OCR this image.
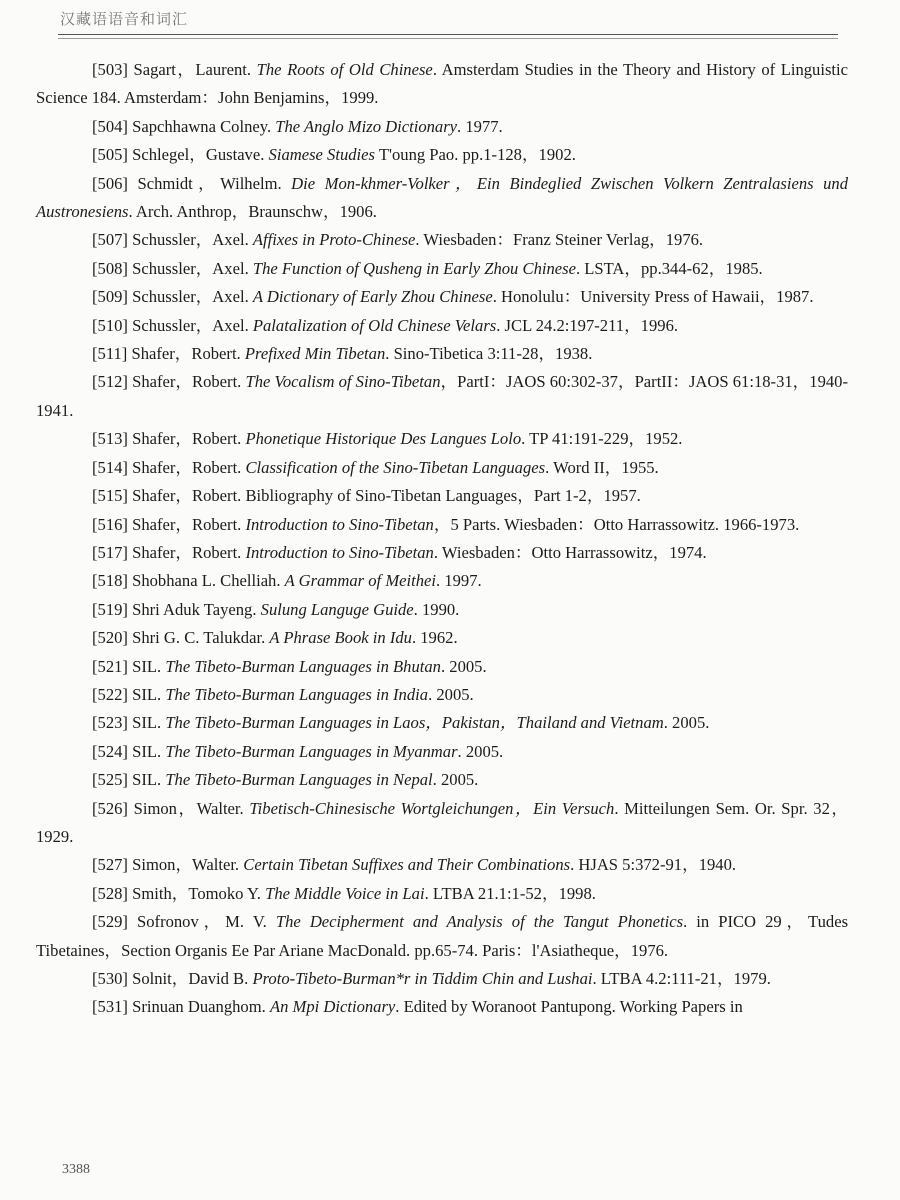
汉藏语语音和词汇

[503] Sagart，Laurent. The Roots of Old Chinese. Amsterdam Studies in the Theory and History of Linguistic Science 184. Amsterdam：John Benjamins，1999.

[504] Sapchhawna Colney. The Anglo Mizo Dictionary. 1977.

[505] Schlegel，Gustave. Siamese Studies T'oung Pao. pp.1-128，1902.

[506] Schmidt，Wilhelm. Die Mon-khmer-Volker，Ein Bindeglied Zwischen Volkern Zentralasiens und Austronesiens. Arch. Anthrop，Braunschw，1906.

[507] Schussler，Axel. Affixes in Proto-Chinese. Wiesbaden：Franz Steiner Verlag，1976.

[508] Schussler，Axel. The Function of Qusheng in Early Zhou Chinese. LSTA，pp.344-62，1985.

[509] Schussler，Axel. A Dictionary of Early Zhou Chinese. Honolulu：University Press of Hawaii，1987.

[510] Schussler，Axel. Palatalization of Old Chinese Velars. JCL 24.2:197-211，1996.

[511] Shafer，Robert. Prefixed Min Tibetan. Sino-Tibetica 3:11-28，1938.

[512] Shafer，Robert. The Vocalism of Sino-Tibetan，PartI：JAOS 60:302-37，PartII：JAOS 61:18-31，1940-1941.

[513] Shafer，Robert. Phonetique Historique Des Langues Lolo. TP 41:191-229，1952.

[514] Shafer，Robert. Classification of the Sino-Tibetan Languages. Word II，1955.

[515] Shafer，Robert. Bibliography of Sino-Tibetan Languages，Part 1-2，1957.

[516] Shafer，Robert. Introduction to Sino-Tibetan，5 Parts. Wiesbaden：Otto Harrassowitz. 1966-1973.

[517] Shafer，Robert. Introduction to Sino-Tibetan. Wiesbaden：Otto Harrassowitz，1974.

[518] Shobhana L. Chelliah. A Grammar of Meithei. 1997.

[519] Shri Aduk Tayeng. Sulung Languge Guide. 1990.

[520] Shri G. C. Talukdar. A Phrase Book in Idu. 1962.

[521] SIL. The Tibeto-Burman Languages in Bhutan. 2005.

[522] SIL. The Tibeto-Burman Languages in India. 2005.

[523] SIL. The Tibeto-Burman Languages in Laos，Pakistan，Thailand and Vietnam. 2005.

[524] SIL. The Tibeto-Burman Languages in Myanmar. 2005.

[525] SIL. The Tibeto-Burman Languages in Nepal. 2005.

[526] Simon，Walter. Tibetisch-Chinesische Wortgleichungen，Ein Versuch. Mitteilungen Sem. Or. Spr. 32，1929.

[527] Simon，Walter. Certain Tibetan Suffixes and Their Combinations. HJAS 5:372-91，1940.

[528] Smith，Tomoko Y. The Middle Voice in Lai. LTBA 21.1:1-52，1998.

[529] Sofronov，M. V. The Decipherment and Analysis of the Tangut Phonetics. in PICO 29，Tudes Tibetaines，Section Organis Ee Par Ariane MacDonald. pp.65-74. Paris：l'Asiatheque，1976.

[530] Solnit，David B. Proto-Tibeto-Burman*r in Tiddim Chin and Lushai. LTBA 4.2:111-21，1979.

[531] Srinuan Duanghom. An Mpi Dictionary. Edited by Woranoot Pantupong. Working Papers in

3388
